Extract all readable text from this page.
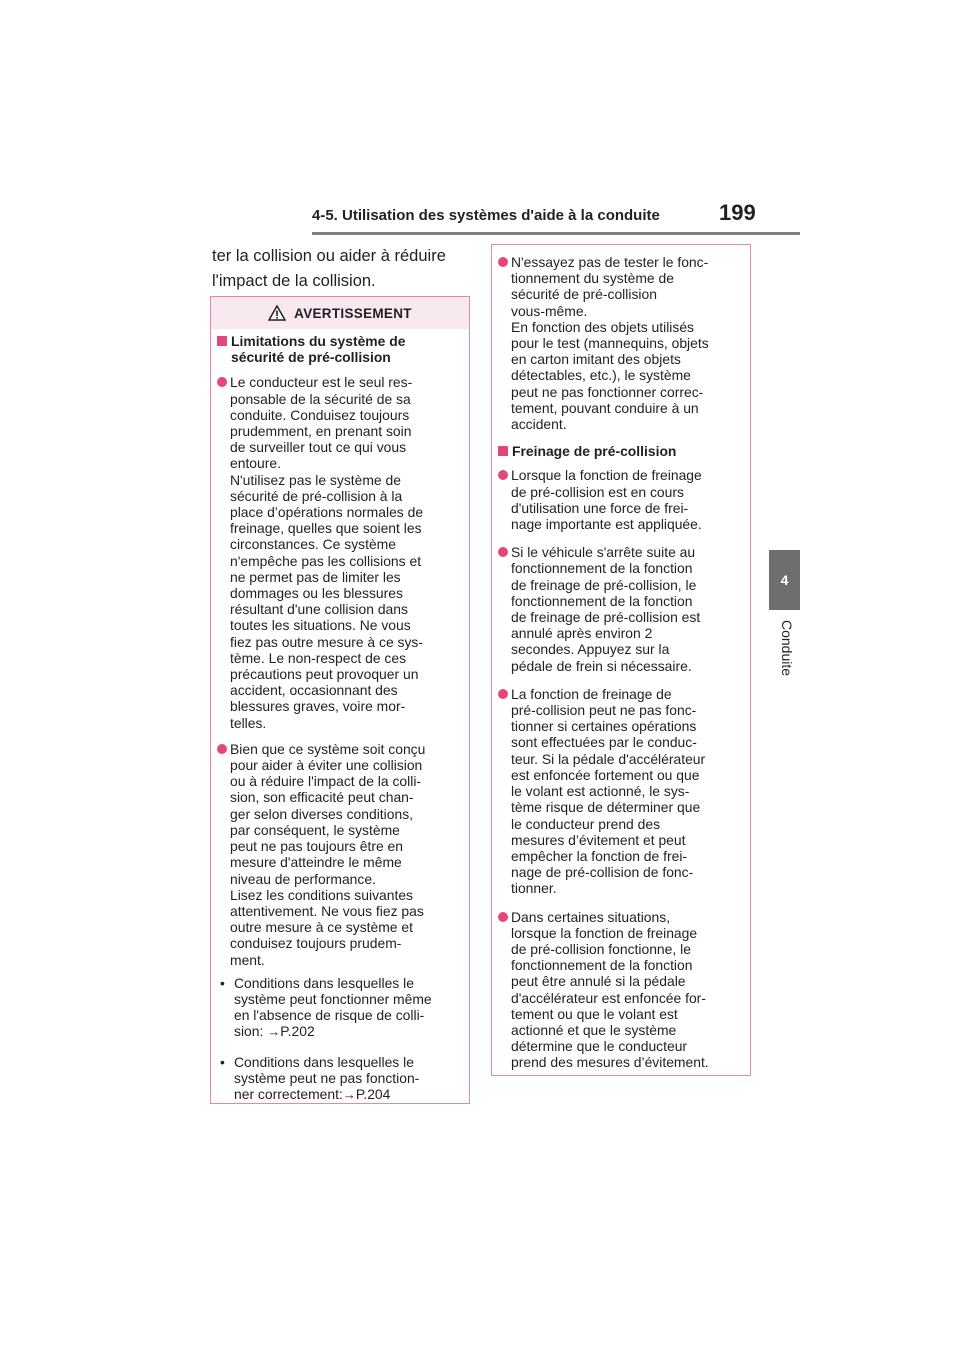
4-5. Utilisation des systèmes d'aide à la conduite	199
4
Conduite

ter la collision ou aider à réduire

l'impact de la collision.

AVERTISSEMENT
Limitations du système de
sécurité de pré-collision
Le conducteur est le seul res-
ponsable de la sécurité de sa
conduite. Conduisez toujours
prudemment, en prenant soin
de surveiller tout ce qui vous
entoure.
N'utilisez pas le système de
sécurité de pré-collision à la
place d’opérations normales de
freinage, quelles que soient les
circonstances. Ce système
n'empêche pas les collisions et
ne permet pas de limiter les
dommages ou les blessures
résultant d'une collision dans
toutes les situations. Ne vous
fiez pas outre mesure à ce sys-
tème. Le non-respect de ces
précautions peut provoquer un
accident, occasionnant des
blessures graves, voire mor-
telles.
Bien que ce système soit conçu
pour aider à éviter une collision
ou à réduire l'impact de la colli-
sion, son efficacité peut chan-
ger selon diverses conditions,
par conséquent, le système
peut ne pas toujours être en
mesure d'atteindre le même
niveau de performance.
Lisez les conditions suivantes
attentivement. Ne vous fiez pas
outre mesure à ce système et
conduisez toujours prudem-
ment.
• Conditions dans lesquelles le
système peut fonctionner même
en l'absence de risque de colli-
sion: →P.202
• Conditions dans lesquelles le
système peut ne pas fonction-
ner correctement:→P.204
N'essayez pas de tester le fonc-
tionnement du système de
sécurité de pré-collision
vous-même.
En fonction des objets utilisés
pour le test (mannequins, objets
en carton imitant des objets
détectables, etc.), le système
peut ne pas fonctionner correc-
tement, pouvant conduire à un
accident.
Freinage de pré-collision
Lorsque la fonction de freinage
de pré-collision est en cours
d'utilisation une force de frei-
nage importante est appliquée.
Si le véhicule s'arrête suite au
fonctionnement de la fonction
de freinage de pré-collision, le
fonctionnement de la fonction
de freinage de pré-collision est
annulé après environ 2
secondes. Appuyez sur la
pédale de frein si nécessaire.
La fonction de freinage de
pré-collision peut ne pas fonc-
tionner si certaines opérations
sont effectuées par le conduc-
teur. Si la pédale d'accélérateur
est enfoncée fortement ou que
le volant est actionné, le sys-
tème risque de déterminer que
le conducteur prend des
mesures d’évitement et peut
empêcher la fonction de frei-
nage de pré-collision de fonc-
tionner.
Dans certaines situations,
lorsque la fonction de freinage
de pré-collision fonctionne, le
fonctionnement de la fonction
peut être annulé si la pédale
d'accélérateur est enfoncée for-
tement ou que le volant est
actionné et que le système
détermine que le conducteur
prend des mesures d’évitement.
